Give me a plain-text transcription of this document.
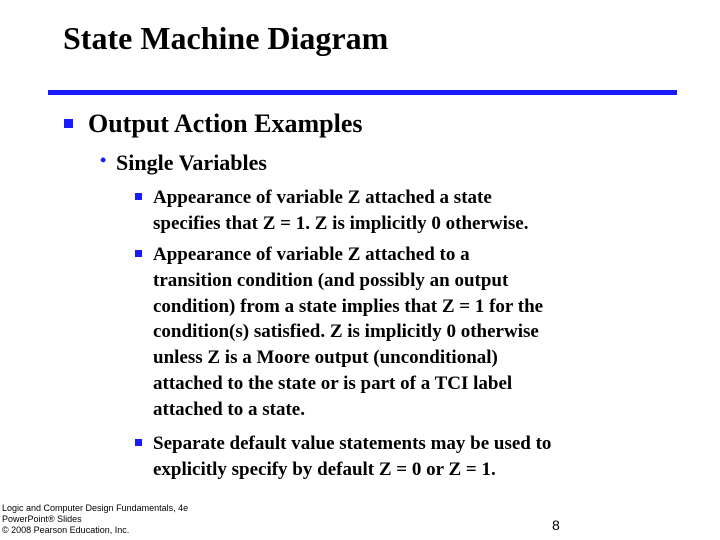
State Machine Diagram
Output Action Examples
• Single Variables
Appearance of variable Z attached a state
specifies that Z = 1. Z is implicitly 0 otherwise.
Appearance of variable Z attached to a
transition condition (and possibly an output
condition) from a state implies that Z = 1 for the
condition(s) satisfied. Z is implicitly 0 otherwise
unless Z is a Moore output (unconditional)
attached to the state or is part of a TCI label
attached to a state.
Separate default value statements may be used to
explicitly specify by default Z = 0 or Z = 1.
Logic and Computer Design Fundamentals, 4e
PowerPoint® Slides
© 2008 Pearson Education, Inc.	8
